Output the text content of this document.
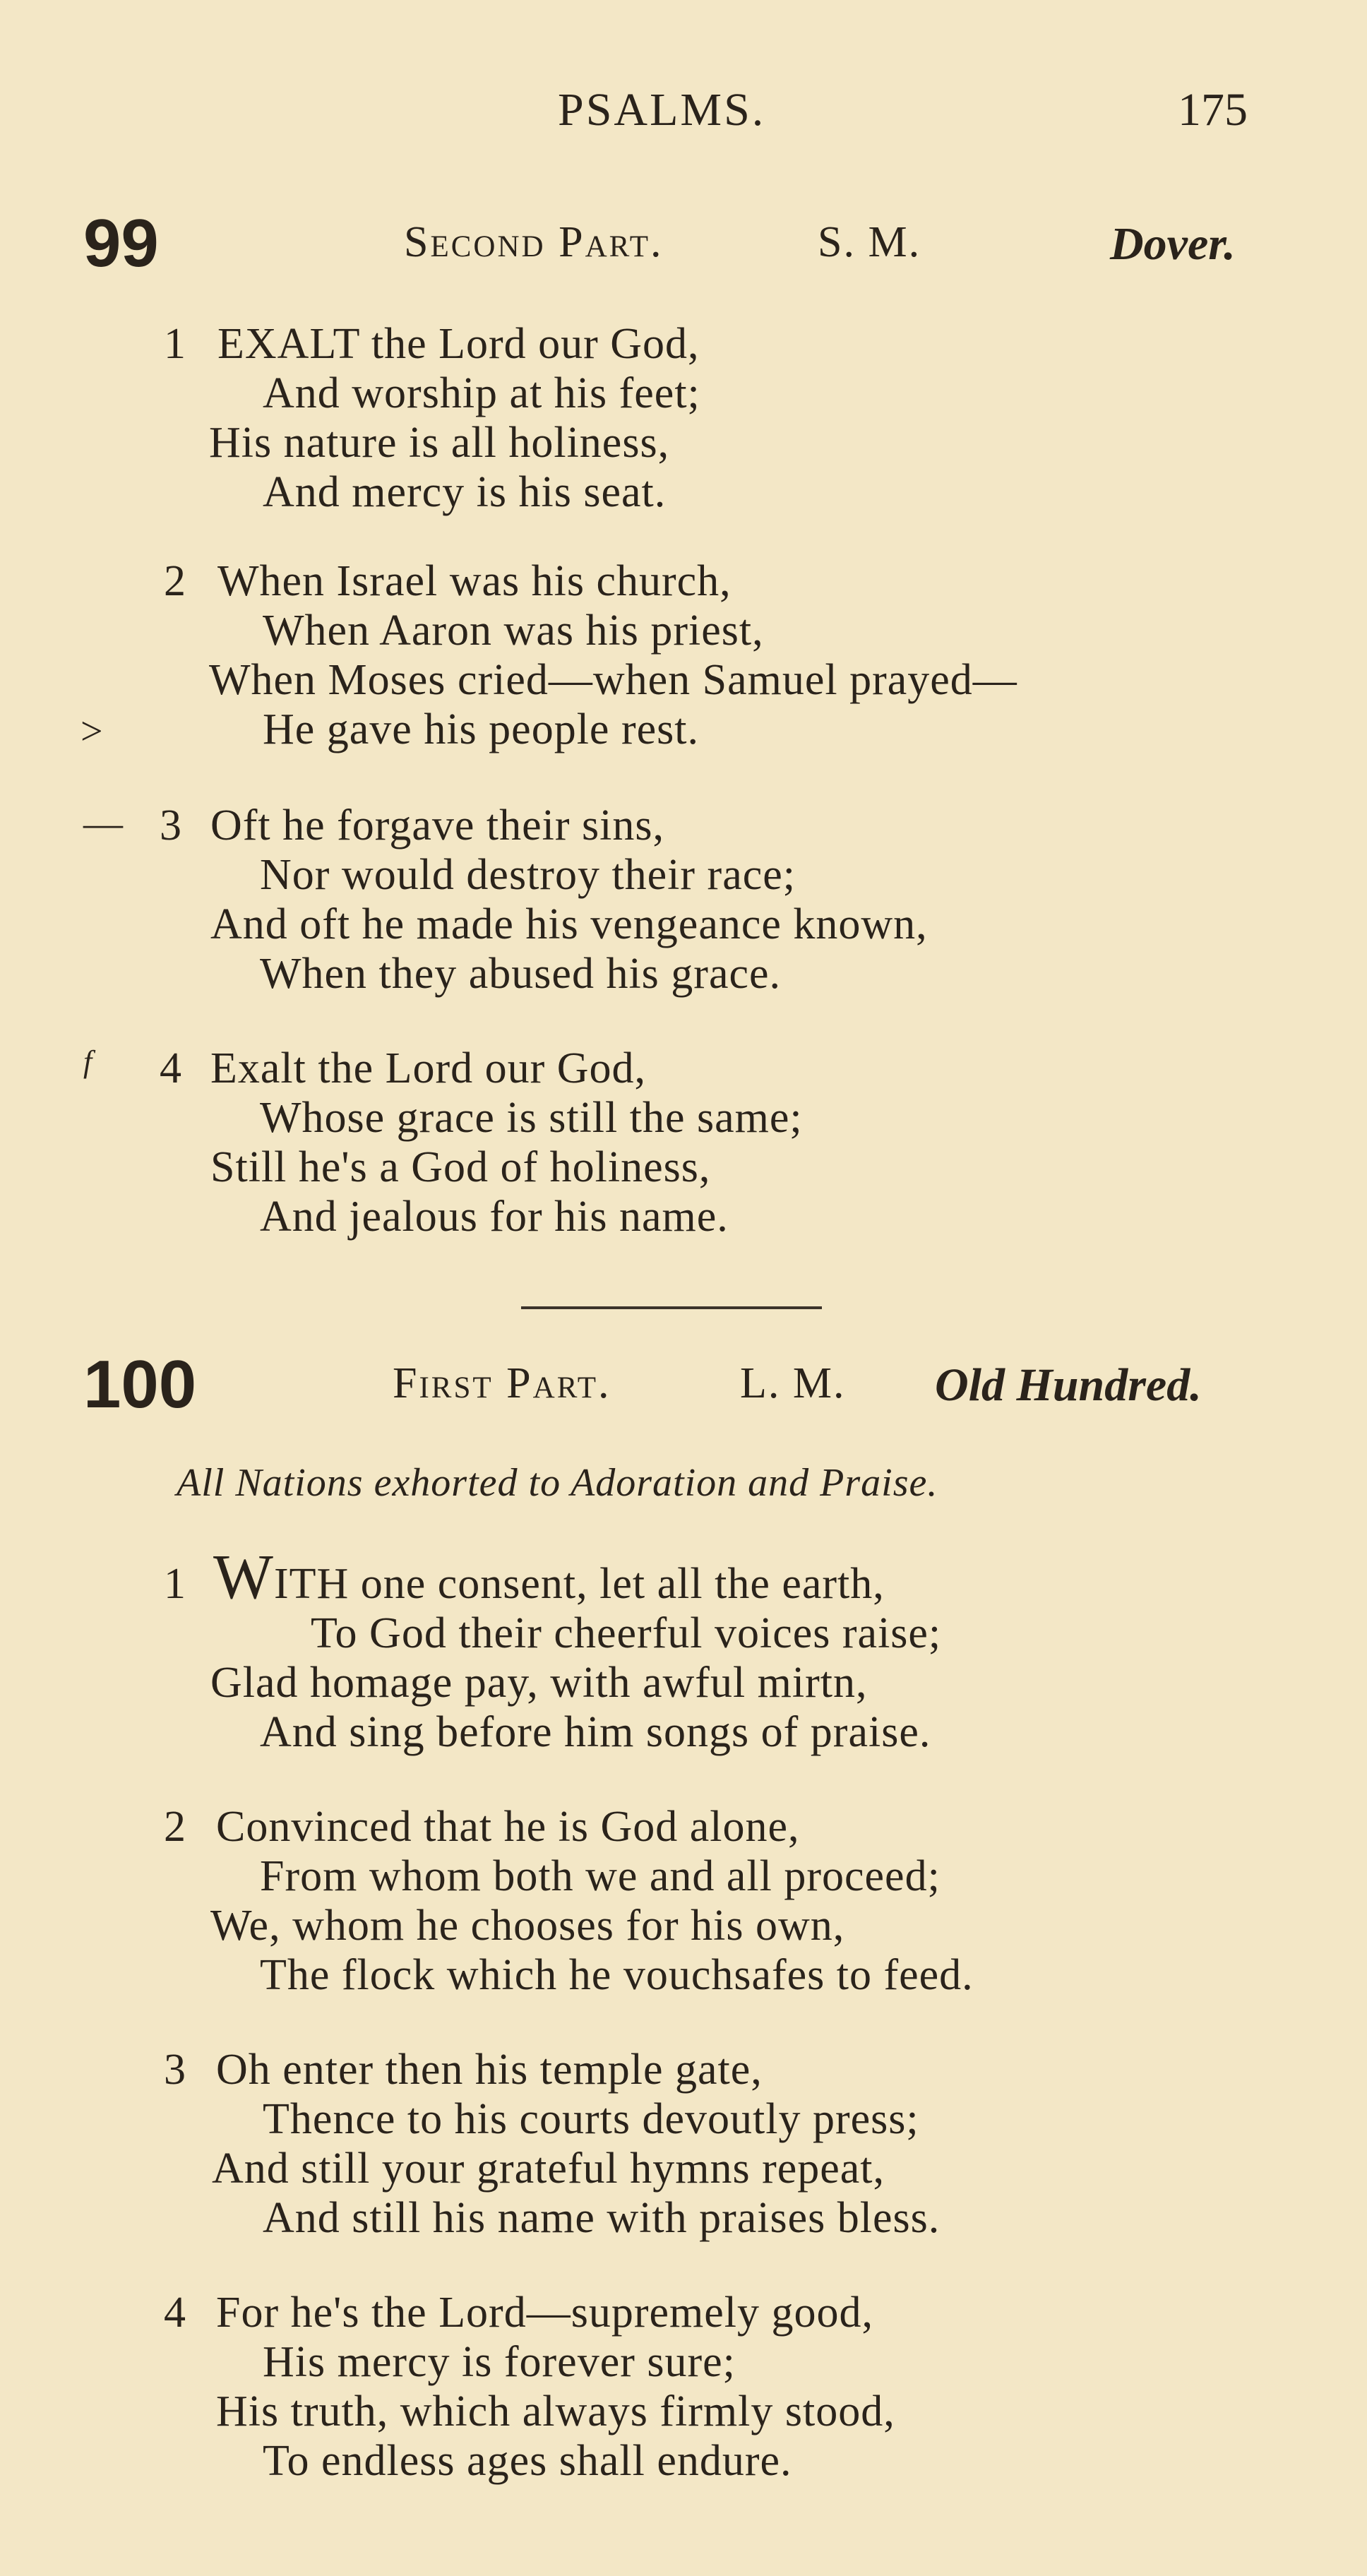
PSALMS.	175
99	Second Part.	S. M.	Dover.
1 EXALT the Lord our God,
And worship at his feet;
His nature is all holiness,
And mercy is his seat.
2 When Israel was his church,
When Aaron was his priest,
When Moses cried—when Samuel prayed—
>	He gave his people rest.
— 3 Oft he forgave their sins,
Nor would destroy their race;
And oft he made his vengeance known,
When they abused his grace.
f 4 Exalt the Lord our God,
Whose grace is still the same;
Still he's a God of holiness,
And jealous for his name.
100	First Part.	L. M. Old Hundred.
All Nations exhorted to Adoration and Praise.
1 WITH one consent, let all the earth,
To God their cheerful voices raise;
Glad homage pay, with awful mirtn,
And sing before him songs of praise.
2 Convinced that he is God alone,
From whom both we and all proceed;
We, whom he chooses for his own,
The flock which he vouchsafes to feed.
3 Oh enter then his temple gate,
Thence to his courts devoutly press;
And still your grateful hymns repeat,
And still his name with praises bless.
4 For he's the Lord—supremely good,
His mercy is forever sure;
His truth, which always firmly stood,
To endless ages shall endure.
